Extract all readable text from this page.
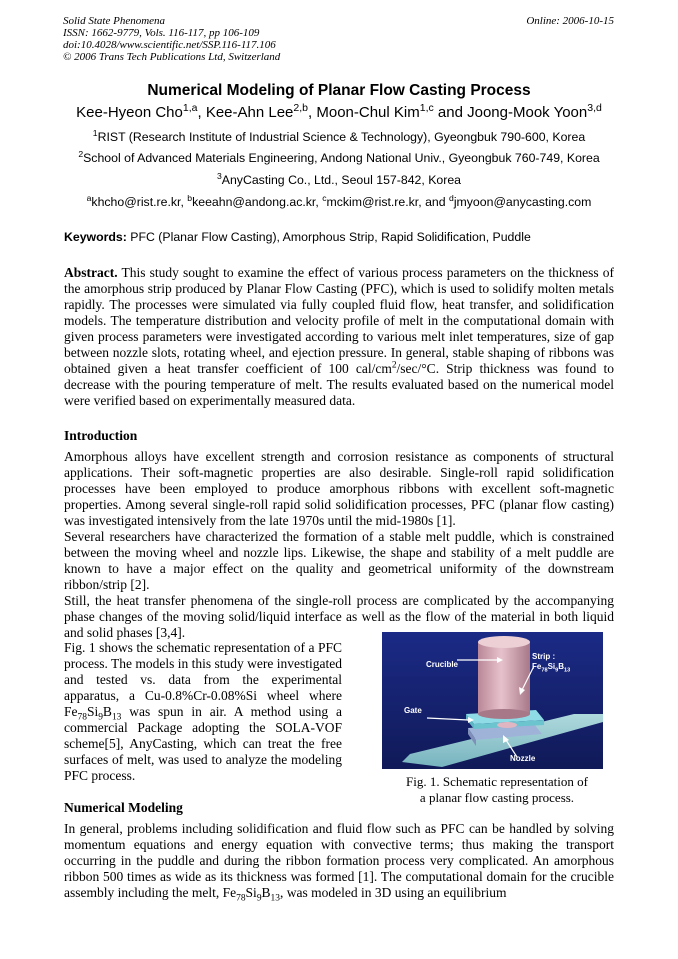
Solid State Phenomena
ISSN: 1662-9779, Vols. 116-117, pp 106-109
doi:10.4028/www.scientific.net/SSP.116-117.106
© 2006 Trans Tech Publications Ltd, Switzerland
Online: 2006-10-15
Numerical Modeling of Planar Flow Casting Process
Kee-Hyeon Cho$^{1,a}$, Kee-Ahn Lee$^{2,b}$, Moon-Chul Kim$^{1,c}$ and Joong-Mook Yoon$^{3,d}$
$^1$RIST (Research Institute of Industrial Science & Technology), Gyeongbuk 790-600, Korea
$^2$School of Advanced Materials Engineering, Andong National Univ., Gyeongbuk 760-749, Korea
$^3$AnyCasting Co., Ltd., Seoul 157-842, Korea
$^a$khcho@rist.re.kr, $^b$keeahn@andong.ac.kr, $^c$mckim@rist.re.kr, and $^d$jmyoon@anycasting.com
Keywords: PFC (Planar Flow Casting), Amorphous Strip, Rapid Solidification, Puddle
Abstract. This study sought to examine the effect of various process parameters on the thickness of the amorphous strip produced by Planar Flow Casting (PFC), which is used to solidify molten metals rapidly. The processes were simulated via fully coupled fluid flow, heat transfer, and solidification models. The temperature distribution and velocity profile of melt in the computational domain with given process parameters were investigated according to various melt inlet temperatures, size of gap between nozzle slots, rotating wheel, and ejection pressure. In general, stable shaping of ribbons was obtained given a heat transfer coefficient of 100 cal/$cm^2/\sec/^\circ C$. Strip thickness was found to decrease with the pouring temperature of melt. The results evaluated based on the numerical model were verified based on experimentally measured data.
Introduction
Amorphous alloys have excellent strength and corrosion resistance as components of structural applications. Their soft-magnetic properties are also desirable. Single-roll rapid solidification processes have been employed to produce amorphous ribbons with excellent soft-magnetic properties. Among several single-roll rapid solid solidification processes, PFC (planar flow casting) was investigated intensively from the late 1970s until the mid-1980s [1].
Several researchers have characterized the formation of a stable melt puddle, which is constrained between the moving wheel and nozzle lips. Likewise, the shape and stability of a melt puddle are known to have a major effect on the quality and geometrical uniformity of the downstream ribbon/strip [2].
Still, the heat transfer phenomena of the single-roll process are complicated by the accompanying phase changes of the moving solid/liquid interface as well as the flow of the material in both liquid and solid phases [3,4].
Fig. 1 shows the schematic representation of a PFC process. The models in this study were investigated and tested vs. data from the experimental apparatus, a Cu-0.8%Cr-0.08%Si wheel where $Fe_{78}Si_9B_{13}$ was spun in air. A method using a commercial Package adopting the SOLA-VOF scheme[5], AnyCasting, which can treat the free surfaces of melt, was used to analyze the modeling PFC process.
Crucible
Strip :
$Fe_{78}Si_9B_{13}$
Gate
Nozzle
Fig. 1. Schematic representation of
a planar flow casting process.
Numerical Modeling
In general, problems including solidification and fluid flow such as PFC can be handled by solving momentum equations and energy equation with convective terms; thus making the transport occurring in the puddle and during the ribbon formation process very complicated. An amorphous ribbon 500 times as wide as its thickness was formed [1]. The computational domain for the crucible assembly including the melt, $Fe_{78}Si_9B_{13}$, was modeled in 3D using an equilibrium
